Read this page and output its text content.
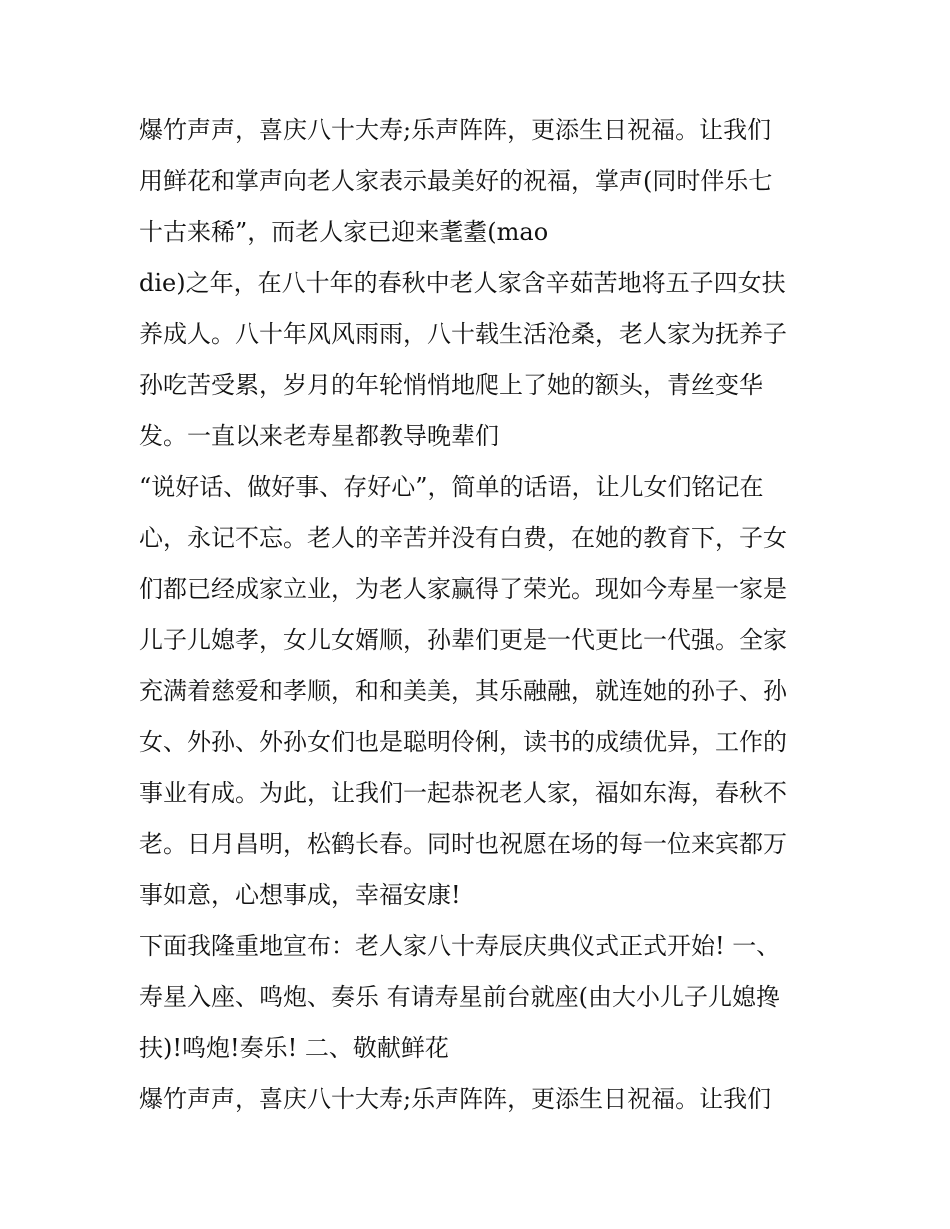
爆竹声声，喜庆八十大寿;乐声阵阵，更添生日祝福。让我们
用鲜花和掌声向老人家表示最美好的祝福，掌声(同时伴乐七
十古来稀”，而老人家已迎来耄耋(mao
die)之年，在八十年的春秋中老人家含辛茹苦地将五子四女扶
养成人。八十年风风雨雨，八十载生活沧桑，老人家为抚养子
孙吃苦受累，岁月的年轮悄悄地爬上了她的额头，青丝变华
发。一直以来老寿星都教导晚辈们
“说好话、做好事、存好心”，简单的话语，让儿女们铭记在
心，永记不忘。老人的辛苦并没有白费，在她的教育下，子女
们都已经成家立业，为老人家赢得了荣光。现如今寿星一家是
儿子儿媳孝，女儿女婿顺，孙辈们更是一代更比一代强。全家
充满着慈爱和孝顺，和和美美，其乐融融，就连她的孙子、孙
女、外孙、外孙女们也是聪明伶俐，读书的成绩优异，工作的
事业有成。为此，让我们一起恭祝老人家，福如东海，春秋不
老。日月昌明，松鹤长春。同时也祝愿在场的每一位来宾都万
事如意，心想事成，幸福安康!
下面我隆重地宣布：老人家八十寿辰庆典仪式正式开始! 一、
寿星入座、鸣炮、奏乐 有请寿星前台就座(由大小儿子儿媳搀
扶)!鸣炮!奏乐! 二、敬献鲜花
爆竹声声，喜庆八十大寿;乐声阵阵，更添生日祝福。让我们
